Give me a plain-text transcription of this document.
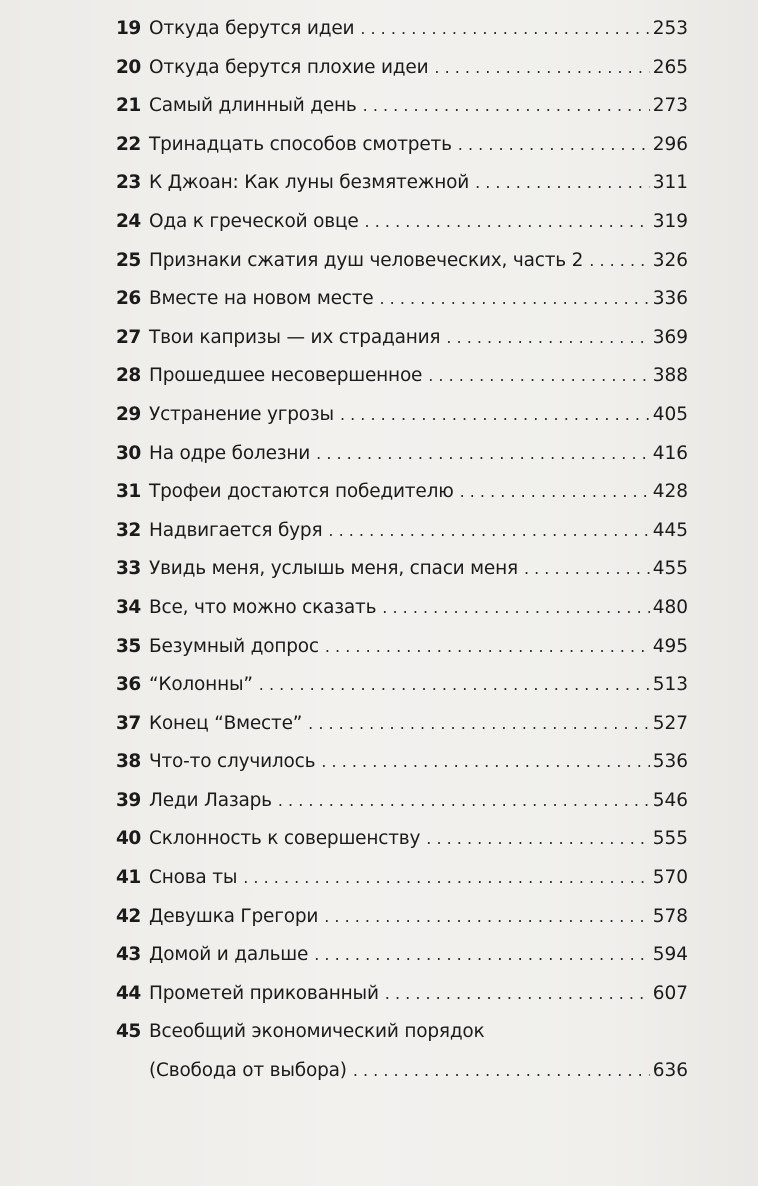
19 Откуда берутся идеи . . .	253
20 Откуда берутся плохие идеи . . .	265
21 Самый длинный день . . .	273
22 Тринадцать способов смотреть . . .	296
23 К Джоан: Как луны безмятежной . . .	311
24 Ода к греческой овце . . .	319
25 Признаки сжатия душ человеческих, часть 2 . . .	326
26 Вместе на новом месте . . .	336
27 Твои капризы — их страдания . . .	369
28 Прошедшее несовершенное . . .	388
29 Устранение угрозы . . .	405
30 На одре болезни . . .	416
31 Трофеи достаются победителю . . .	428
32 Надвигается буря . . .	445
33 Увидь меня, услышь меня, спаси меня . . .	455
34 Все, что можно сказать . . .	480
35 Безумный допрос . . .	495
36 “Колонны” . . .	513
37 Конец “Вместе” . . .	527
38 Что-то случилось . . .	536
39 Леди Лазарь . . .	546
40 Склонность к совершенству . . .	555
41 Снова ты . . .	570
42 Девушка Грегори . . .	578
43 Домой и дальше . . .	594
44 Прометей прикованный . . .	607
45 Всеобщий экономический порядок
(Свобода от выбора) . . .	636
